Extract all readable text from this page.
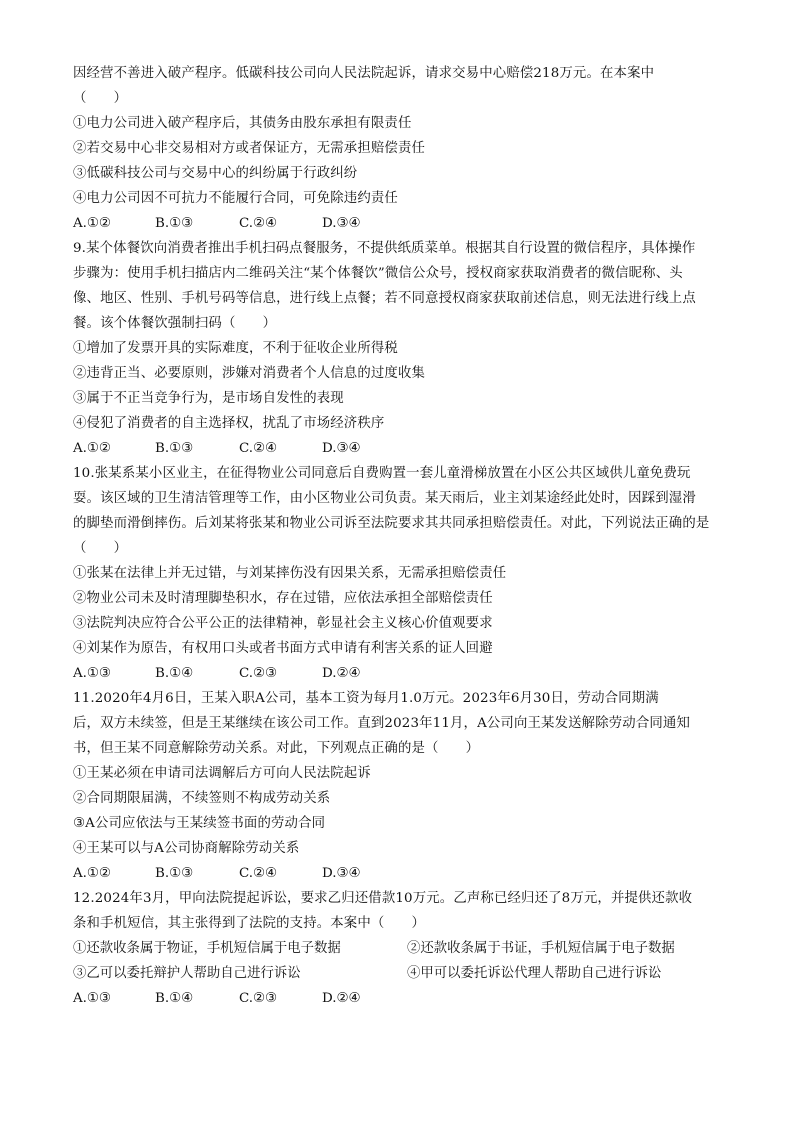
因经营不善进入破产程序。低碳科技公司向人民法院起诉，请求交易中心赔偿218万元。在本案中
（　　）
①电力公司进入破产程序后，其债务由股东承担有限责任
②若交易中心非交易相对方或者保证方，无需承担赔偿责任
③低碳科技公司与交易中心的纠纷属于行政纠纷
④电力公司因不可抗力不能履行合同，可免除违约责任
A.①②	B.①③	C.②④	D.③④
9.某个体餐饮向消费者推出手机扫码点餐服务，不提供纸质菜单。根据其自行设置的微信程序，具体操作
步骤为：使用手机扫描店内二维码关注“某个体餐饮”微信公众号，授权商家获取消费者的微信昵称、头
像、地区、性别、手机号码等信息，进行线上点餐；若不同意授权商家获取前述信息，则无法进行线上点
餐。该个体餐饮强制扫码（　　）
①增加了发票开具的实际难度，不利于征收企业所得税
②违背正当、必要原则，涉嫌对消费者个人信息的过度收集
③属于不正当竞争行为，是市场自发性的表现
④侵犯了消费者的自主选择权，扰乱了市场经济秩序
A.①②	B.①③	C.②④	D.③④
10.张某系某小区业主，在征得物业公司同意后自费购置一套儿童滑梯放置在小区公共区域供儿童免费玩
耍。该区域的卫生清洁管理等工作，由小区物业公司负责。某天雨后，业主刘某途经此处时，因踩到湿滑
的脚垫而滑倒摔伤。后刘某将张某和物业公司诉至法院要求其共同承担赔偿责任。对此，下列说法正确的是
（　　）
①张某在法律上并无过错，与刘某摔伤没有因果关系，无需承担赔偿责任
②物业公司未及时清理脚垫积水，存在过错，应依法承担全部赔偿责任
③法院判决应符合公平公正的法律精神，彰显社会主义核心价值观要求
④刘某作为原告，有权用口头或者书面方式申请有利害关系的证人回避
A.①③	B.①④	C.②③	D.②④
11.2020年4月6日，王某入职A公司，基本工资为每月1.0万元。2023年6月30日，劳动合同期满
后，双方未续签，但是王某继续在该公司工作。直到2023年11月，A公司向王某发送解除劳动合同通知
书，但王某不同意解除劳动关系。对此，下列观点正确的是（　　）
①王某必须在申请司法调解后方可向人民法院起诉
②合同期限届满，不续签则不构成劳动关系
③A公司应依法与王某续签书面的劳动合同
④王某可以与A公司协商解除劳动关系
A.①②	B.①③	C.②④	D.③④
12.2024年3月，甲向法院提起诉讼，要求乙归还借款10万元。乙声称已经归还了8万元，并提供还款收
条和手机短信，其主张得到了法院的支持。本案中（　　）
①还款收条属于物证，手机短信属于电子数据	②还款收条属于书证，手机短信属于电子数据
③乙可以委托辩护人帮助自己进行诉讼	④甲可以委托诉讼代理人帮助自己进行诉讼
A.①③	B.①④	C.②③	D.②④
